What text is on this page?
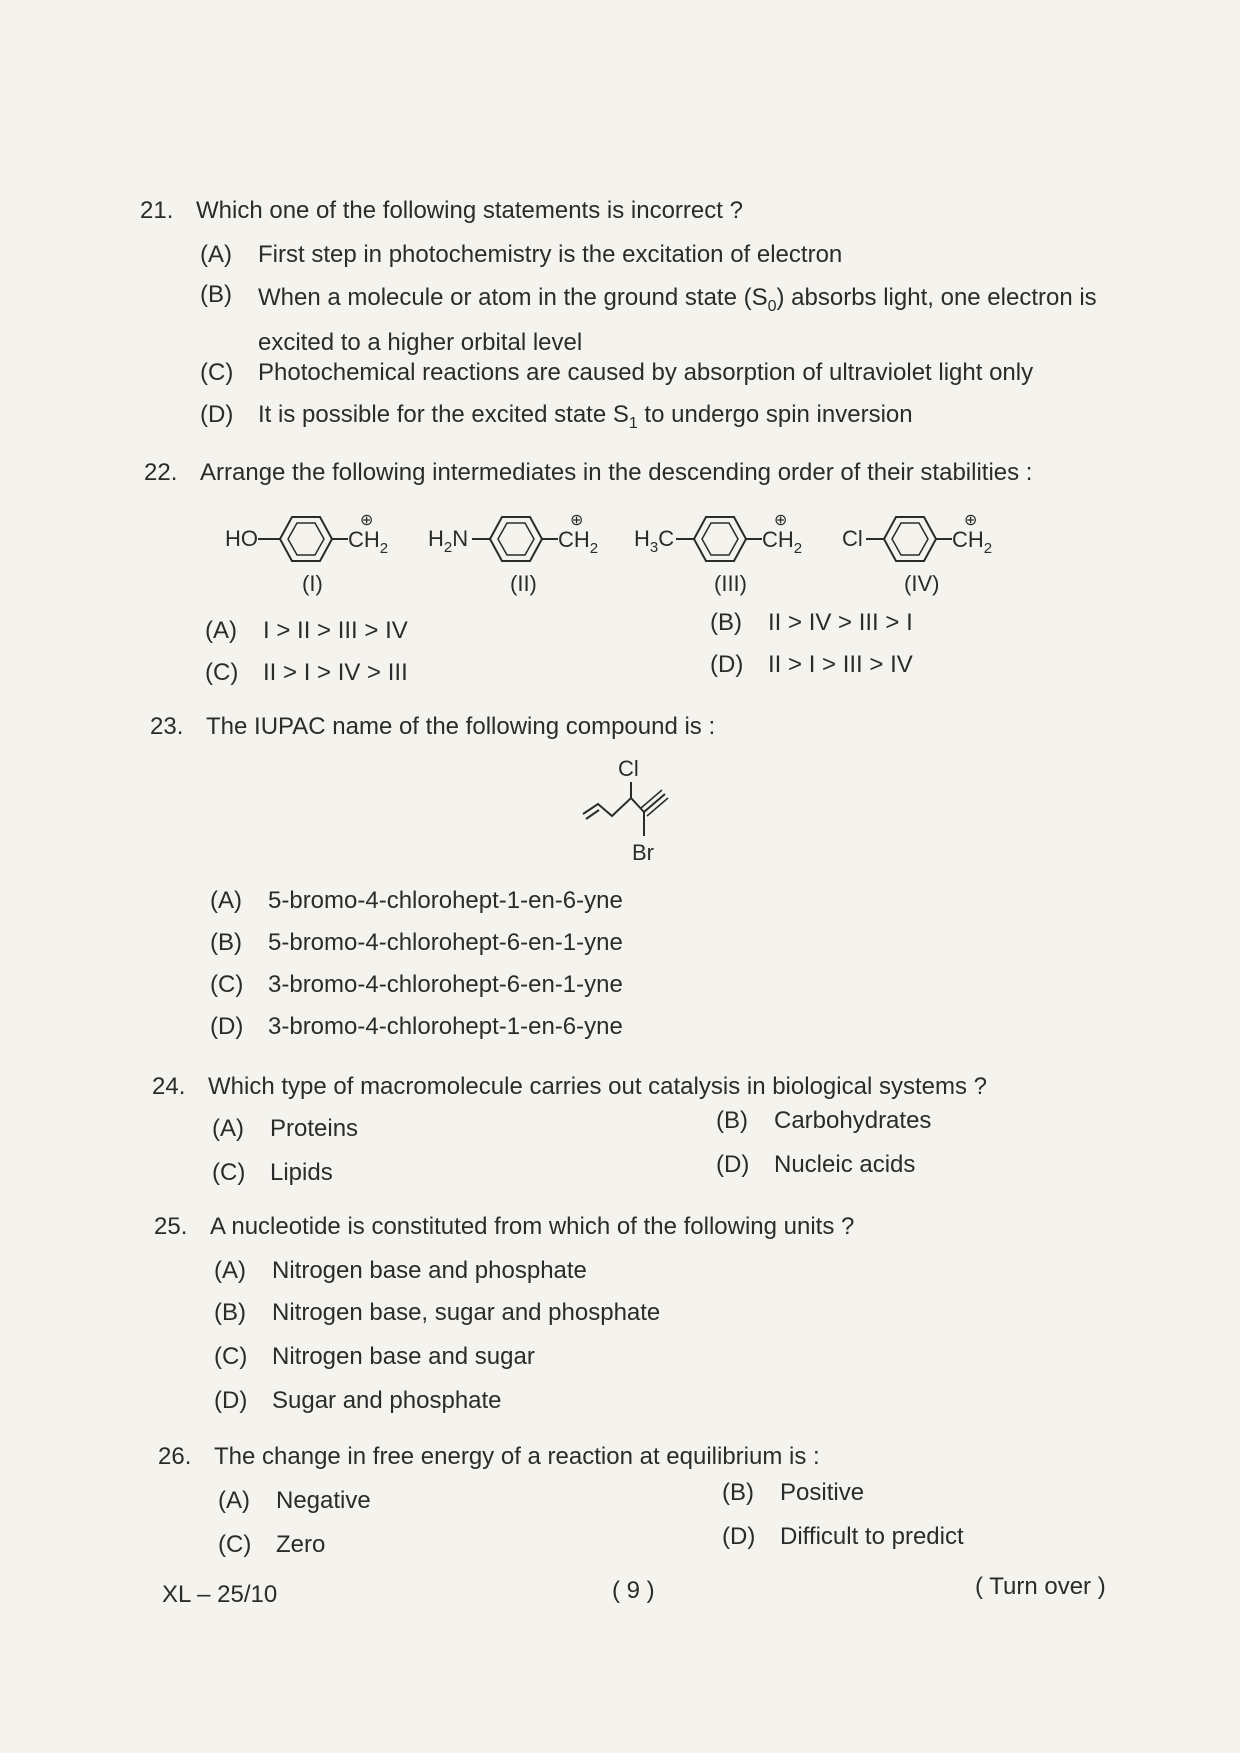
21. Which one of the following statements is incorrect ?
(A) First step in photochemistry is the excitation of electron
(B) When a molecule or atom in the ground state $(S_0)$ absorbs light, one electron is excited to a higher orbital level
(C) Photochemical reactions are caused by absorption of ultraviolet light only
(D) It is possible for the excited state $S_1$ to undergo spin inversion
22. Arrange the following intermediates in the descending order of their stabilities :
HO
⊕
$CH_2$
(I)
$H_2N$
⊕
$CH_2$
(II)
$H_3C$
⊕
$CH_2$
(III)
Cl
⊕
$CH_2$
(IV)
(A) I > II > III > IV	(B) II > IV > III > I
(C) II > I > IV > III	(D) II > I > III > IV
23. The IUPAC name of the following compound is :
Cl
Br
(A) 5-bromo-4-chlorohept-1-en-6-yne
(B) 5-bromo-4-chlorohept-6-en-1-yne
(C) 3-bromo-4-chlorohept-6-en-1-yne
(D) 3-bromo-4-chlorohept-1-en-6-yne
24. Which type of macromolecule carries out catalysis in biological systems ?
(A) Proteins	(B) Carbohydrates
(C) Lipids	(D) Nucleic acids
25. A nucleotide is constituted from which of the following units ?
(A) Nitrogen base and phosphate
(B) Nitrogen base, sugar and phosphate
(C) Nitrogen base and sugar
(D) Sugar and phosphate
26. The change in free energy of a reaction at equilibrium is :
(A) Negative	(B) Positive
(C) Zero	(D) Difficult to predict
XL – 25/10	( 9 )	( Turn over )
